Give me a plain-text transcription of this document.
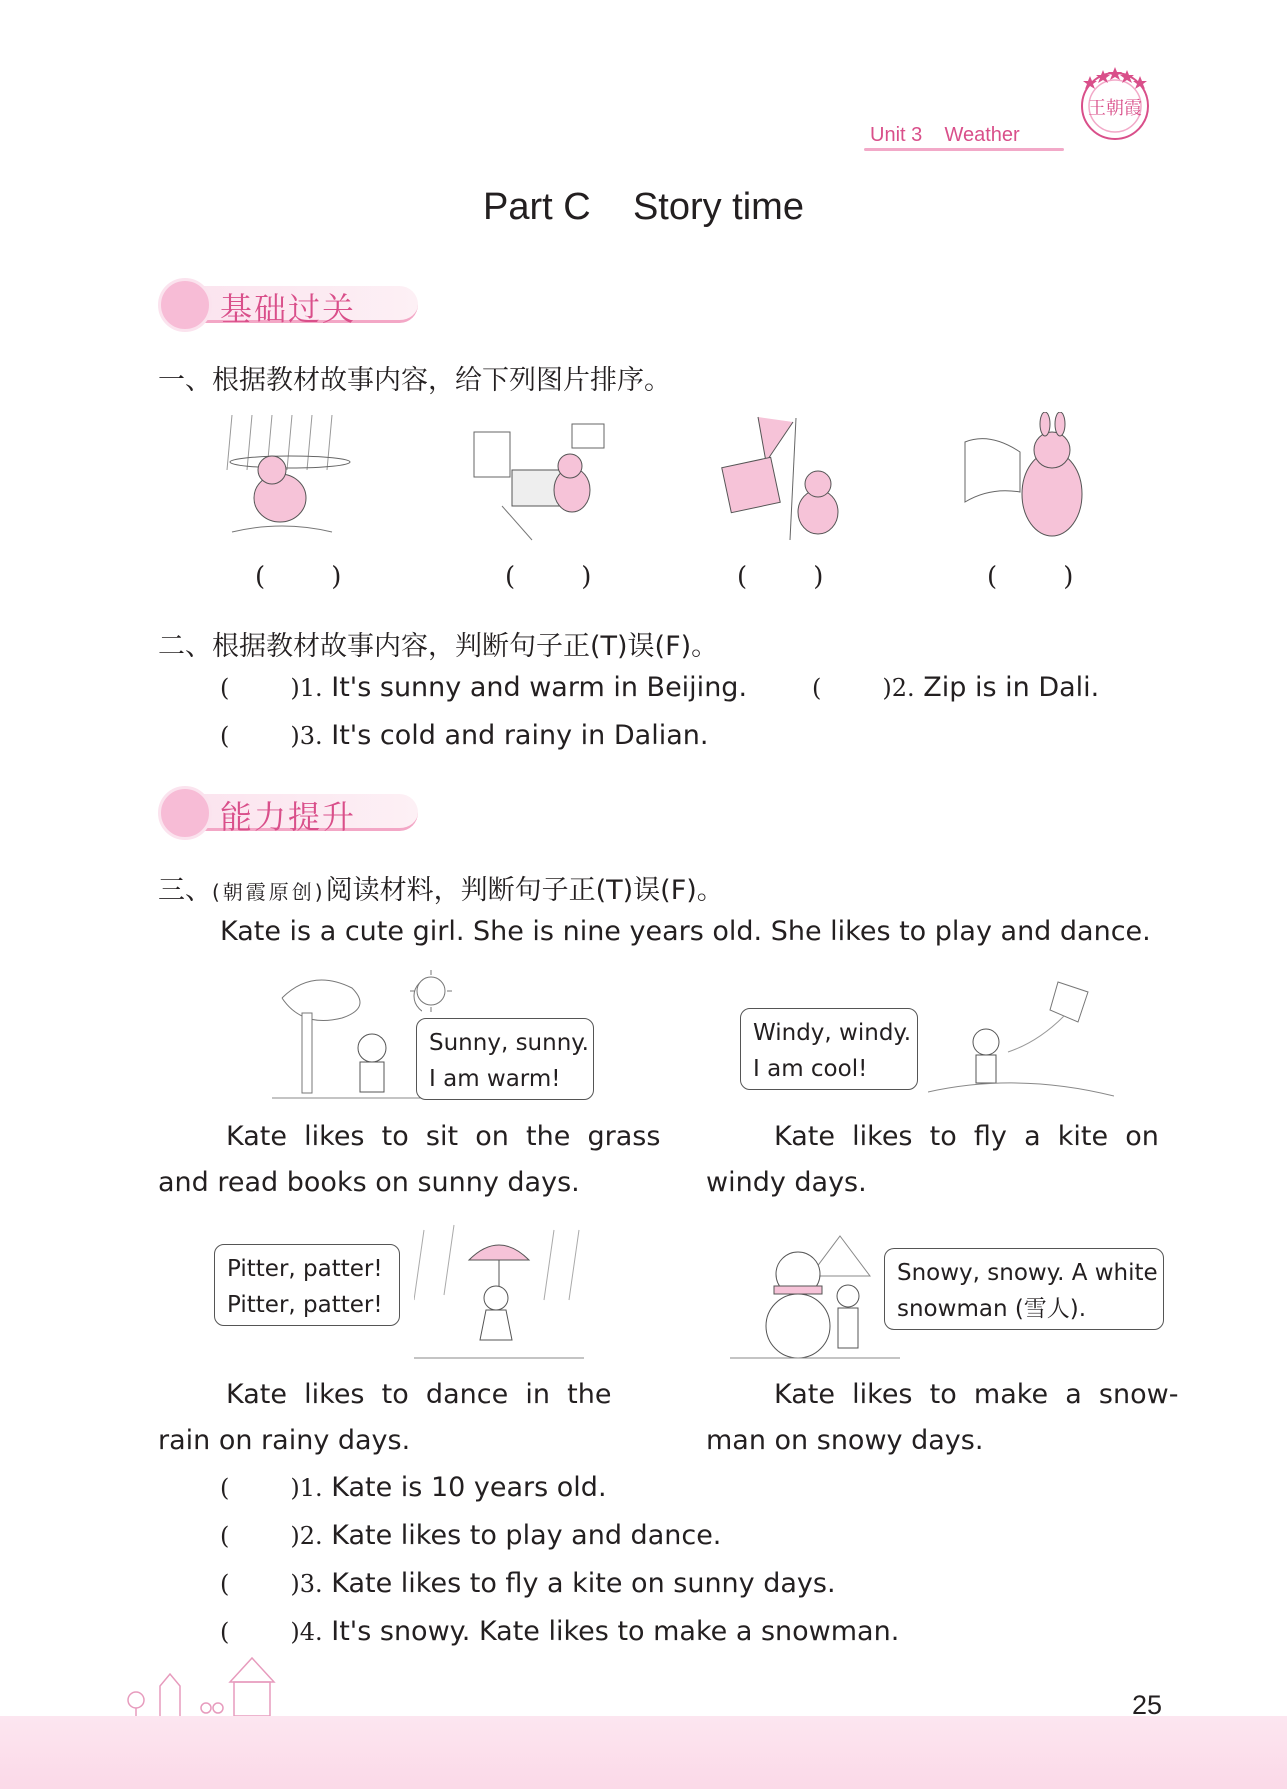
Unit 3    Weather
王朝霞
Part C    Story time
基础过关
一、根据教材故事内容，给下列图片排序。
(        )	(        )	(        )	(        )
二、根据教材故事内容，判断句子正(T)误(F)。
(        )1. It's sunny and warm in Beijing.	(        )2. Zip is in Dali.
(        )3. It's cold and rainy in Dalian.
能力提升
三、(朝霞原创)阅读材料，判断句子正(T)误(F)。
Kate is a cute girl. She is nine years old. She likes to play and dance.
Sunny, sunny.
I am warm!
Windy, windy.
I am cool!
Kate  likes  to  sit  on  the  grass
and read books on sunny days.
Kate  likes  to  fly  a  kite  on
windy days.
Pitter, patter!
Pitter, patter!
Snowy, snowy. A white
snowman (雪人).
Kate  likes  to  dance  in  the
rain on rainy days.
Kate  likes  to  make  a  snow-
man on snowy days.
(        )1. Kate is 10 years old.
(        )2. Kate likes to play and dance.
(        )3. Kate likes to fly a kite on sunny days.
(        )4. It's snowy. Kate likes to make a snowman.
25
